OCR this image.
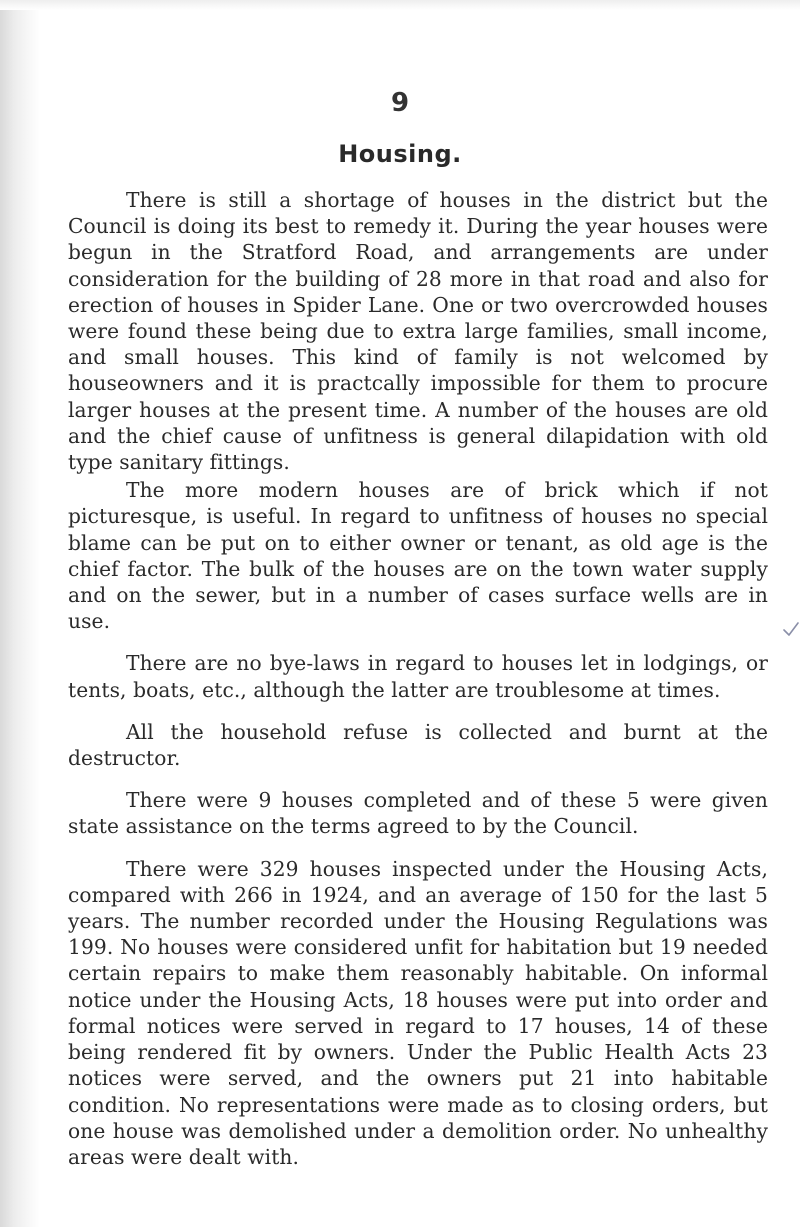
9
Housing.

There is still a shortage of houses in the district but the Council is doing its best to remedy it. During the year houses were begun in the Stratford Road, and arrangements are under consideration for the building of 28 more in that road and also for erection of houses in Spider Lane. One or two overcrowded houses were found these being due to extra large families, small income, and small houses. This kind of family is not welcomed by houseowners and it is practcally impossible for them to procure larger houses at the present time. A number of the houses are old and the chief cause of unfitness is general dilapidation with old type sanitary fittings.

The more modern houses are of brick which if not picturesque, is useful. In regard to unfitness of houses no special blame can be put on to either owner or tenant, as old age is the chief factor. The bulk of the houses are on the town water supply and on the sewer, but in a number of cases surface wells are in use.

There are no bye-laws in regard to houses let in lodgings, or tents, boats, etc., although the latter are troublesome at times.

All the household refuse is collected and burnt at the destructor.

There were 9 houses completed and of these 5 were given state assistance on the terms agreed to by the Council.

There were 329 houses inspected under the Housing Acts, compared with 266 in 1924, and an average of 150 for the last 5 years. The number recorded under the Housing Regulations was 199. No houses were considered unfit for habitation but 19 needed certain repairs to make them reasonably habitable. On informal notice under the Housing Acts, 18 houses were put into order and formal notices were served in regard to 17 houses, 14 of these being rendered fit by owners. Under the Public Health Acts 23 notices were served, and the owners put 21 into habitable condition. No representations were made as to closing orders, but one house was demolished under a demolition order. No unhealthy areas were dealt with.
